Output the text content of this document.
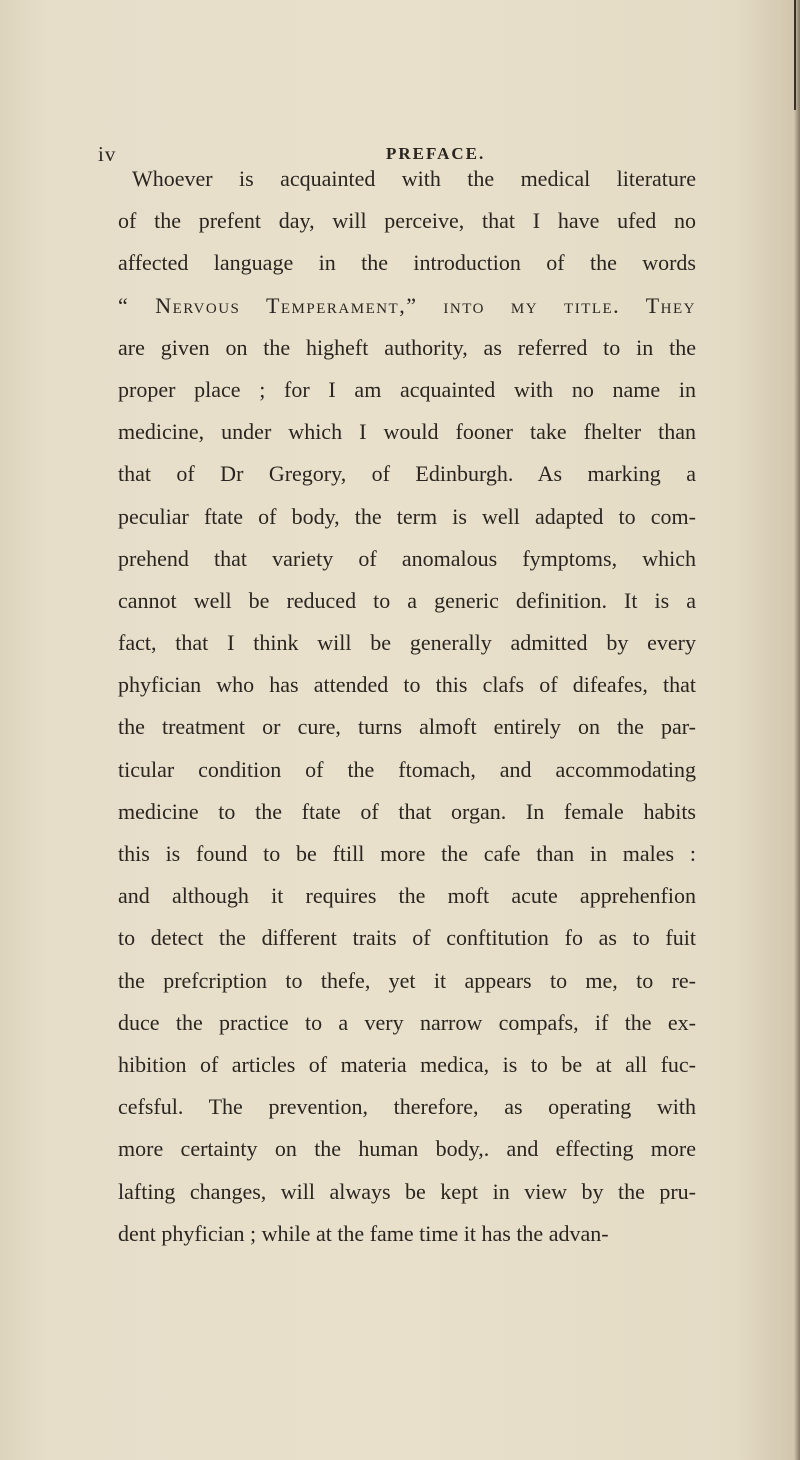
iv	PREFACE.
Whoever is acquainted with the medical literature
of the prefent day, will perceive, that I have ufed no
affected language in the introduction of the words
“ Nervous Temperament,” into my title. They
are given on the higheft authority, as referred to in the
proper place ; for I am acquainted with no name in
medicine, under which I would fooner take fhelter than
that of Dr Gregory, of Edinburgh. As marking a
peculiar ftate of body, the term is well adapted to com-
prehend that variety of anomalous fymptoms, which
cannot well be reduced to a generic definition. It is a
fact, that I think will be generally admitted by every
phyfician who has attended to this clafs of difeafes, that
the treatment or cure, turns almoft entirely on the par-
ticular condition of the ftomach, and accommodating
medicine to the ftate of that organ. In female habits
this is found to be ftill more the cafe than in males :
and although it requires the moft acute apprehenfion
to detect the different traits of conftitution fo as to fuit
the prefcription to thefe, yet it appears to me, to re-
duce the practice to a very narrow compafs, if the ex-
hibition of articles of materia medica, is to be at all fuc-
cefsful. The prevention, therefore, as operating with
more certainty on the human body,. and effecting more
lafting changes, will always be kept in view by the pru-
dent phyfician ; while at the fame time it has the advan-
